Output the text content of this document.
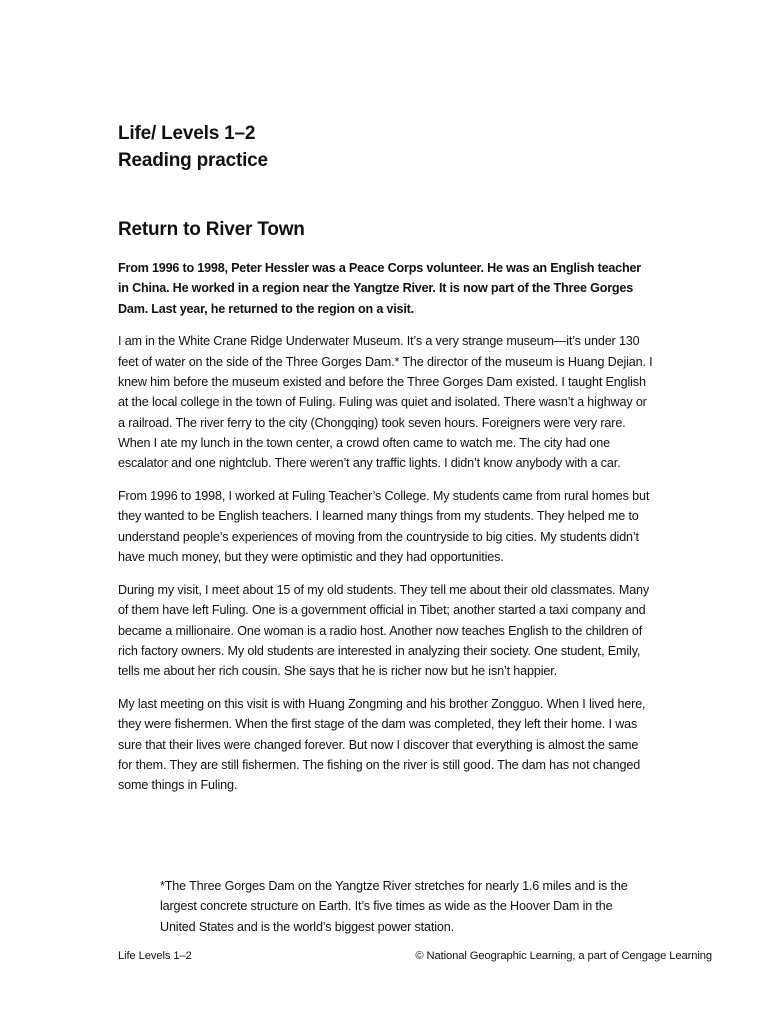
Life/ Levels 1–2

Reading practice

Return to River Town

From 1996 to 1998, Peter Hessler was a Peace Corps volunteer. He was an English teacher in China. He worked in a region near the Yangtze River. It is now part of the Three Gorges Dam. Last year, he returned to the region on a visit.

I am in the White Crane Ridge Underwater Museum. It’s a very strange museum—it’s under 130 feet of water on the side of the Three Gorges Dam.* The director of the museum is Huang Dejian. I knew him before the museum existed and before the Three Gorges Dam existed. I taught English at the local college in the town of Fuling. Fuling was quiet and isolated. There wasn’t a highway or a railroad. The river ferry to the city (Chongqing) took seven hours. Foreigners were very rare. When I ate my lunch in the town center, a crowd often came to watch me. The city had one escalator and one nightclub. There weren’t any traffic lights. I didn’t know anybody with a car.

From 1996 to 1998, I worked at Fuling Teacher’s College. My students came from rural homes but they wanted to be English teachers. I learned many things from my students. They helped me to understand people’s experiences of moving from the countryside to big cities. My students didn’t have much money, but they were optimistic and they had opportunities.

During my visit, I meet about 15 of my old students. They tell me about their old classmates. Many of them have left Fuling. One is a government official in Tibet; another started a taxi company and became a millionaire. One woman is a radio host. Another now teaches English to the children of rich factory owners. My old students are interested in analyzing their society. One student, Emily, tells me about her rich cousin. She says that he is richer now but he isn’t happier.

My last meeting on this visit is with Huang Zongming and his brother Zongguo. When I lived here, they were fishermen. When the first stage of the dam was completed, they left their home. I was sure that their lives were changed forever. But now I discover that everything is almost the same for them. They are still fishermen. The fishing on the river is still good. The dam has not changed some things in Fuling.

*The Three Gorges Dam on the Yangtze River stretches for nearly 1.6 miles and is the largest concrete structure on Earth. It’s five times as wide as the Hoover Dam in the United States and is the world’s biggest power station.

Life Levels 1–2	© National Geographic Learning, a part of Cengage Learning
